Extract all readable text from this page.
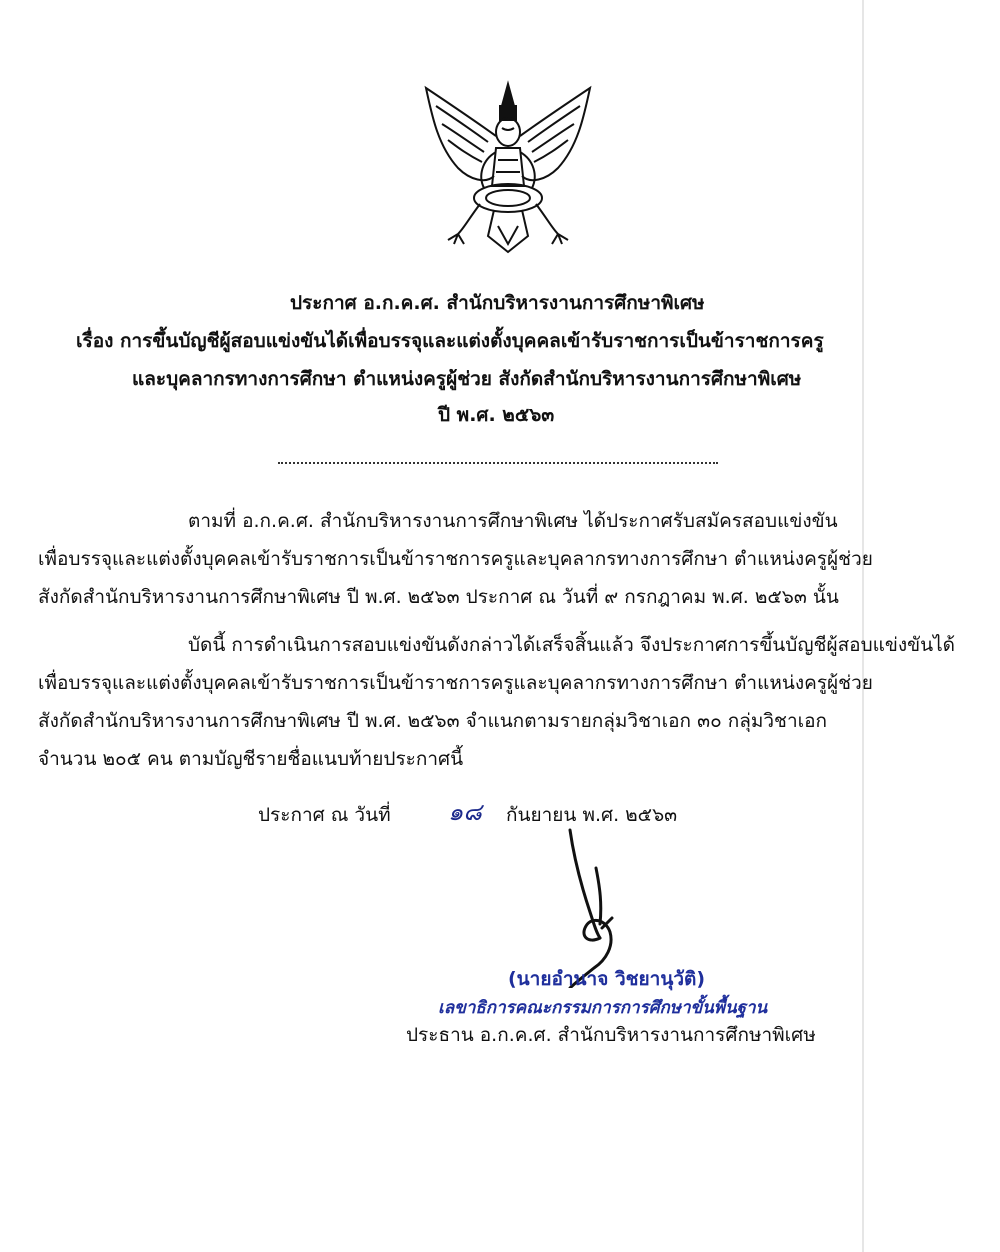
ประกาศ อ.ก.ค.ศ. สำนักบริหารงานการศึกษาพิเศษ
เรื่อง การขึ้นบัญชีผู้สอบแข่งขันได้เพื่อบรรจุและแต่งตั้งบุคคลเข้ารับราชการเป็นข้าราชการครู
และบุคลากรทางการศึกษา ตำแหน่งครูผู้ช่วย สังกัดสำนักบริหารงานการศึกษาพิเศษ
ปี พ.ศ. ๒๕๖๓
ตามที่ อ.ก.ค.ศ. สำนักบริหารงานการศึกษาพิเศษ ได้ประกาศรับสมัครสอบแข่งขัน
เพื่อบรรจุและแต่งตั้งบุคคลเข้ารับราชการเป็นข้าราชการครูและบุคลากรทางการศึกษา ตำแหน่งครูผู้ช่วย
สังกัดสำนักบริหารงานการศึกษาพิเศษ ปี พ.ศ. ๒๕๖๓ ประกาศ ณ วันที่ ๙ กรกฎาคม พ.ศ. ๒๕๖๓ นั้น
บัดนี้ การดำเนินการสอบแข่งขันดังกล่าวได้เสร็จสิ้นแล้ว จึงประกาศการขึ้นบัญชีผู้สอบแข่งขันได้
เพื่อบรรจุและแต่งตั้งบุคคลเข้ารับราชการเป็นข้าราชการครูและบุคลากรทางการศึกษา ตำแหน่งครูผู้ช่วย
สังกัดสำนักบริหารงานการศึกษาพิเศษ ปี พ.ศ. ๒๕๖๓ จำแนกตามรายกลุ่มวิชาเอก ๓๐ กลุ่มวิชาเอก
จำนวน ๒๐๕ คน ตามบัญชีรายชื่อแนบท้ายประกาศนี้
ประกาศ ณ วันที่ ๑๘ กันยายน พ.ศ. ๒๕๖๓
(นายอำนาจ วิชยานุวัติ)
เลขาธิการคณะกรรมการการศึกษาขั้นพื้นฐาน
ประธาน อ.ก.ค.ศ. สำนักบริหารงานการศึกษาพิเศษ
